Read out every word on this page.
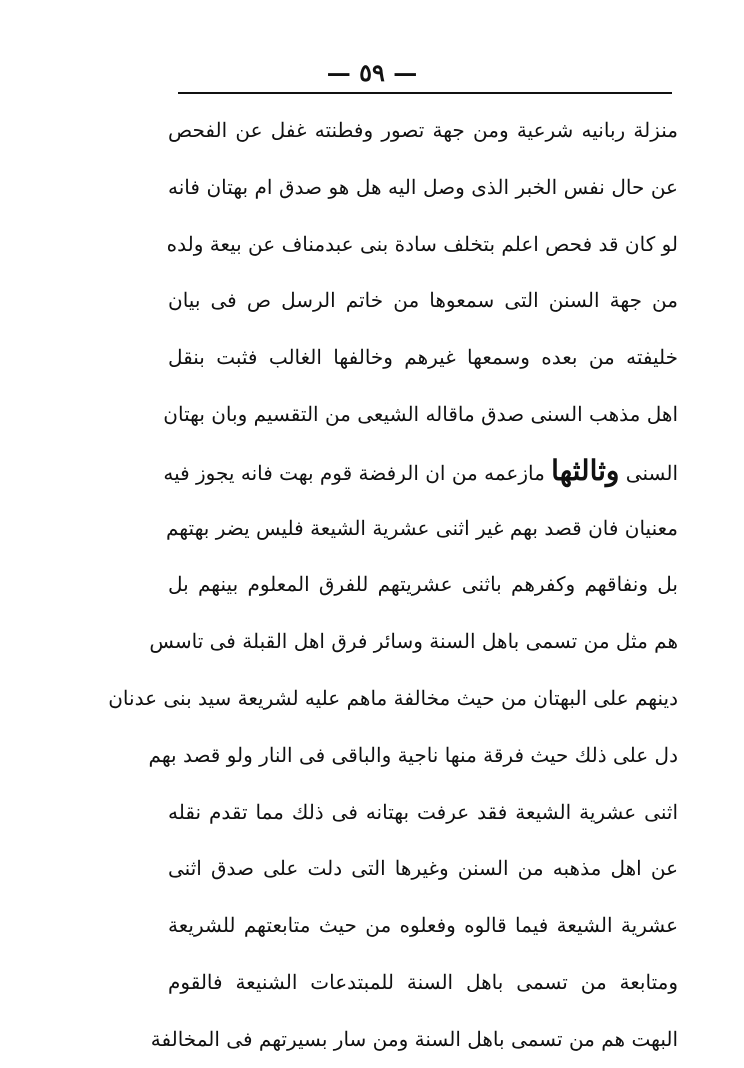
— ٥٩ —
منزلة ربانيه شرعية ومن جهة تصور وفطنته غفل عن الفحص
عن حال نفس الخبر الذى وصل اليه هل هو صدق ام بهتان فانه
لو كان قد فحص اعلم بتخلف سادة بنى عبدمناف عن بيعة ولده
من جهة السنن التى سمعوها من خاتم الرسل ص فى بيان
خليفته من بعده وسمعها غيرهم وخالفها الغالب فثبت بنقل
اهل مذهب السنى صدق ماقاله الشيعى من التقسيم وبان بهتان
السنى وثالثها مازعمه من ان الرفضة قوم بهت فانه يجوز فيه
معنيان فان قصد بهم غير اثنى عشرية الشيعة فليس يضر بهتهم
بل ونفاقهم وكفرهم باثنى عشريتهم للفرق المعلوم بينهم بل
هم مثل من تسمى باهل السنة وسائر فرق اهل القبلة فى تاسس
دينهم على البهتان من حيث مخالفة ماهم عليه لشريعة سيد بنى عدنان
دل على ذلك حيث فرقة منها ناجية والباقى فى النار ولو قصد بهم
اثنى عشرية الشيعة فقد عرفت بهتانه فى ذلك مما تقدم نقله
عن اهل مذهبه من السنن وغيرها التى دلت على صدق اثنى
عشرية الشيعة فيما قالوه وفعلوه من حيث متابعتهم للشريعة
ومتابعة من تسمى باهل السنة للمبتدعات الشنيعة فالقوم
البهت هم من تسمى باهل السنة ومن سار بسيرتهم فى المخالفة
